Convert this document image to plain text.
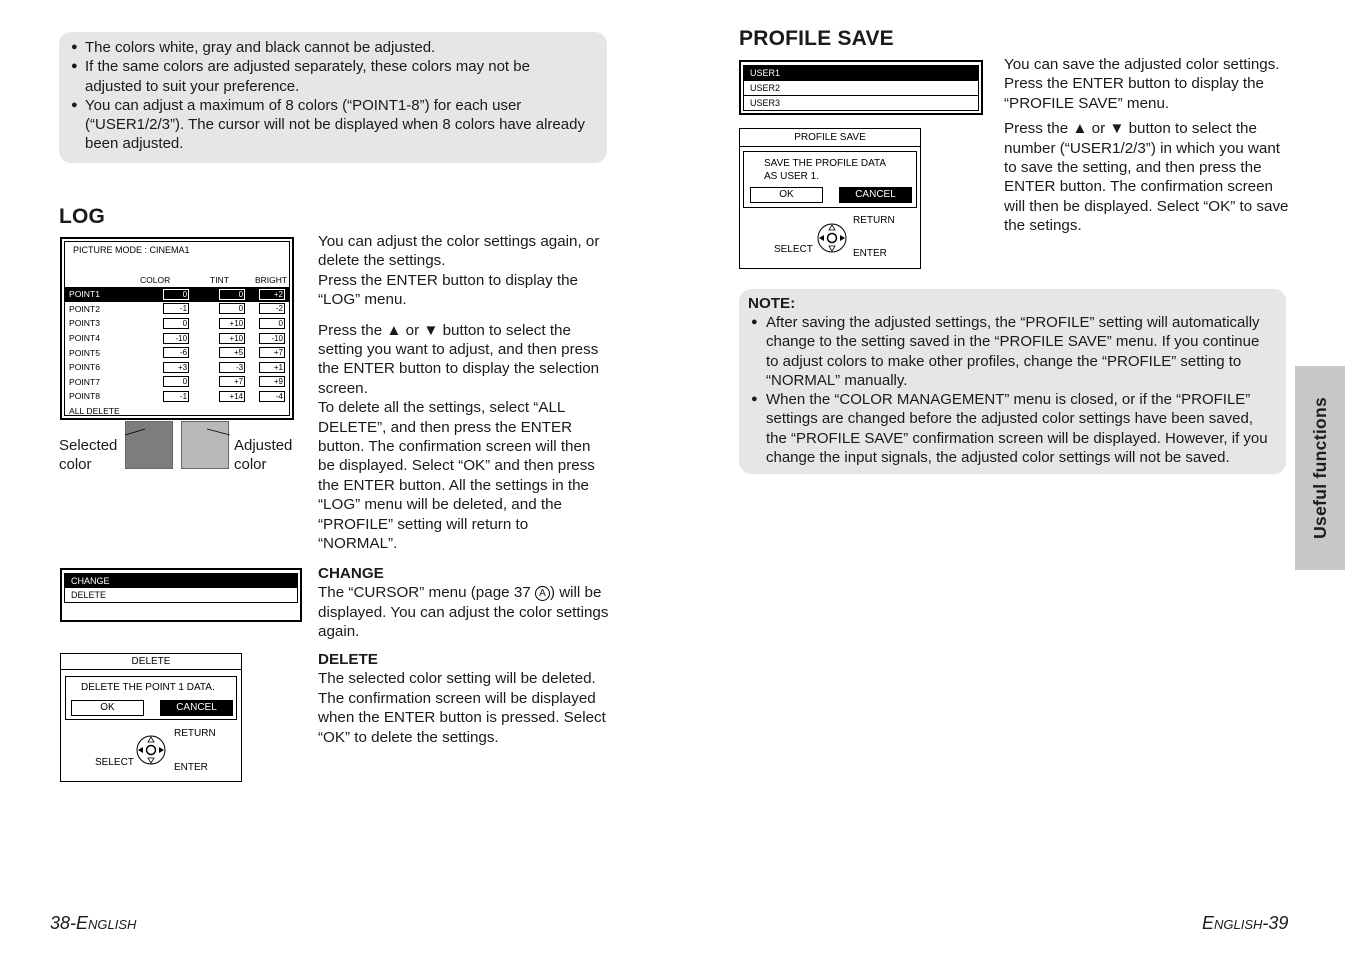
● The colors white, gray and black cannot be adjusted.
● If the same colors are adjusted separately, these colors may not be adjusted to suit your preference.
● You can adjust a maximum of 8 colors (“POINT1-8”) for each user (“USER1/2/3”). The cursor will not be displayed when 8 colors have already been adjusted.
LOG
PICTURE MODE : CINEMA1
COLOR	TINT	BRIGHT
POINT1	0	0	+2
POINT2	-1	0	-2
POINT3	0	+10	0
POINT4	-10	+10	-10
POINT5	-6	+5	+7
POINT6	+3	-3	+1
POINT7	0	+7	+9
POINT8	-1	+14	-4
ALL DELETE			
Selected color
Adjusted color
You can adjust the color settings again, or delete the settings.
Press the ENTER button to display the “LOG” menu.
Press the ▲ or ▼ button to select the setting you want to adjust, and then press the ENTER button to display the selection screen.
To delete all the settings, select “ALL DELETE”, and then press the ENTER button. The confirmation screen will then be displayed. Select “OK” and then press the ENTER button. All the settings in the “LOG” menu will be deleted, and the “PROFILE” setting will return to “NORMAL”.
CHANGE
DELETE
CHANGE
The “CURSOR” menu (page 37 A ) will be displayed. You can adjust the color settings again.
DELETE
DELETE THE POINT 1 DATA.
OK	CANCEL
RETURN
SELECT	ENTER
DELETE
The selected color setting will be deleted. The confirmation screen will be displayed when the ENTER button is pressed. Select “OK” to delete the settings.
38-English
PROFILE SAVE
USER1
USER2
USER3
PROFILE SAVE
SAVE THE PROFILE DATA
AS USER 1.
OK	CANCEL
RETURN
SELECT	ENTER
You can save the adjusted color settings.
Press the ENTER button to display the “PROFILE SAVE” menu.
Press the ▲ or ▼ button to select the number (“USER1/2/3”) in which you want to save the setting, and then press the ENTER button. The confirmation screen will then be displayed. Select “OK” to save the setings.
NOTE:
● After saving the adjusted settings, the “PROFILE” setting will automatically change to the setting saved in the “PROFILE SAVE” menu. If you continue to adjust colors to make other profiles, change the “PROFILE” setting to “NORMAL” manually.
● When the “COLOR MANAGEMENT” menu is closed, or if the “PROFILE” settings are changed before the adjusted color settings have been saved, the “PROFILE SAVE” confirmation screen will be displayed. However, if you change the input signals, the adjusted color settings will not be saved.	Useful functions
English-39
